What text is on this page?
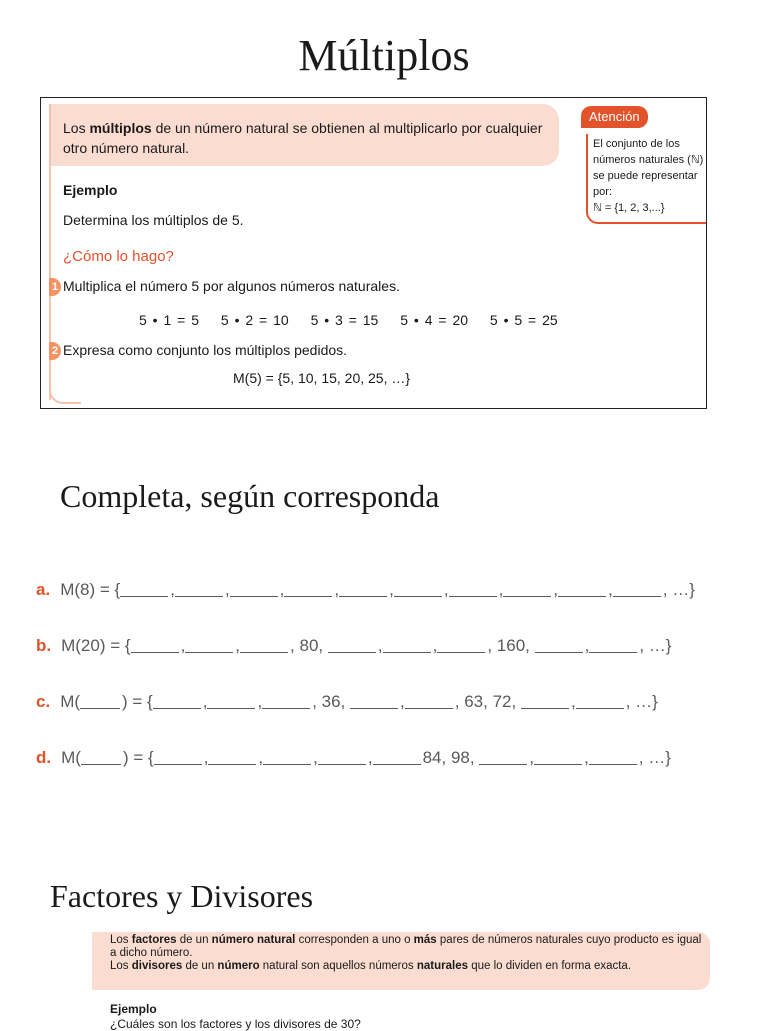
Múltiplos
Los múltiplos de un número natural se obtienen al multiplicarlo por cualquier otro número natural.
Ejemplo
Determina los múltiplos de 5.
¿Cómo lo hago?
1 Multiplica el número 5 por algunos números naturales.
5 • 1 = 5 5 • 2 = 10 5 • 3 = 15 5 • 4 = 20 5 • 5 = 25
2 Expresa como conjunto los múltiplos pedidos.
M(5) = {5, 10, 15, 20, 25, …}
Atención
El conjunto de los
números naturales (ℕ)
se puede representar por:
ℕ = {1, 2, 3,...}
Completa, según corresponda
a. M(8) = {	,	,	,	,	,	,	,	,	,	, …}
b. M(20) = {	,	,	, 80,	,	,	, 160,	,	, …}
c. M( ) = {	,	,	, 36,	,	, 63, 72,	,	, …}
d. M( ) = {	,	,	,	,	84, 98,	,	,	, …}
Factores y Divisores
Los factores de un número natural corresponden a uno o más pares de números naturales cuyo producto es igual a dicho número.
Los divisores de un número natural son aquellos números naturales que lo dividen en forma exacta.
Ejemplo
¿Cuáles son los factores y los divisores de 30?
